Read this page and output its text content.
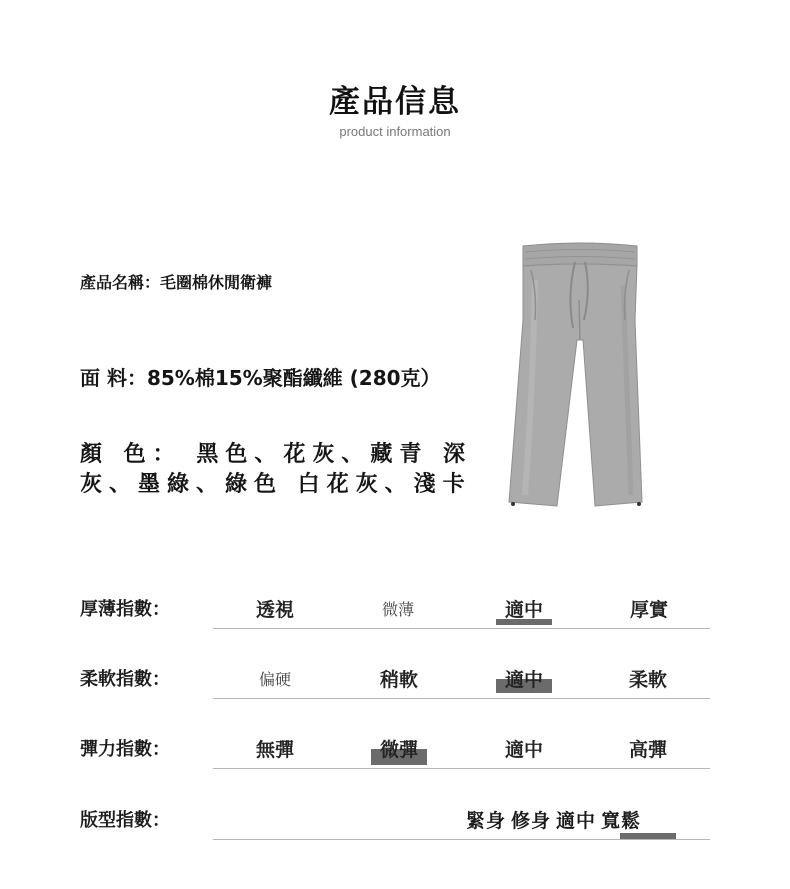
產品信息
product information
產品名稱：毛圈棉休閒衛褲
面 料：85%棉15%聚酯纖維 (280克）
顏 色： 黑色、花灰、藏青 深
灰、墨綠、綠色 白花灰、淺卡
厚薄指數：	透視	微薄	適中	厚實
柔軟指數：	偏硬	稍軟	適中	柔軟
彈力指數：	無彈	微彈	適中	高彈
版型指數：	緊身 修身 適中 寬鬆
